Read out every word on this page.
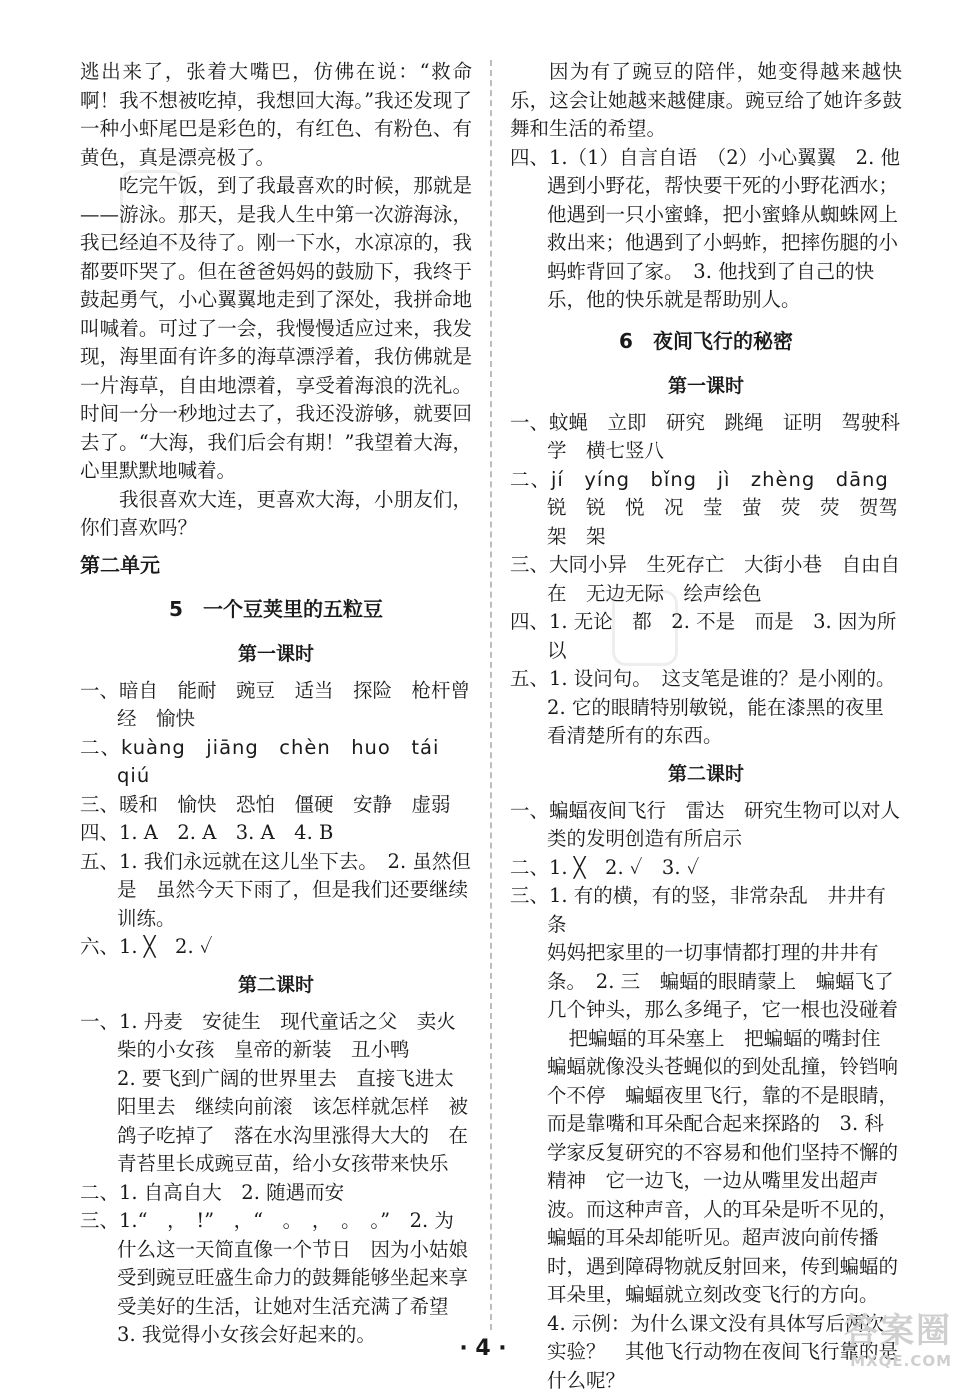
逃出来了，张着大嘴巴，仿佛在说：“救命啊！我不想被吃掉，我想回大海。”我还发现了一种小虾尾巴是彩色的，有红色、有粉色、有黄色，真是漂亮极了。

吃完午饭，到了我最喜欢的时候，那就是——游泳。那天，是我人生中第一次游海泳，我已经迫不及待了。刚一下水，水凉凉的，我都要吓哭了。但在爸爸妈妈的鼓励下，我终于鼓起勇气，小心翼翼地走到了深处，我拼命地叫喊着。可过了一会，我慢慢适应过来，我发现，海里面有许多的海草漂浮着，我仿佛就是一片海草，自由地漂着，享受着海浪的洗礼。时间一分一秒地过去了，我还没游够，就要回去了。“大海，我们后会有期！”我望着大海，心里默默地喊着。

我很喜欢大连，更喜欢大海，小朋友们，你们喜欢吗？

第二单元
5　一个豆荚里的五粒豆
第一课时

一、暗自　能耐　豌豆　适当　探险　枪杆曾经　愉快

二、kuàng　jiāng　chèn　huo　tái　qiú

三、暖和　愉快　恐怕　僵硬　安静　虚弱

四、1. A　2. A　3. A　4. B

五、1. 我们永远就在这儿坐下去。　2. 虽然但是　虽然今天下雨了，但是我们还要继续训练。

六、1. ╳　2. ✓

第二课时

一、1. 丹麦　安徒生　现代童话之父　卖火柴的小女孩　皇帝的新装　丑小鸭

2. 要飞到广阔的世界里去　直接飞进太阳里去　继续向前滚　该怎样就怎样　被鸽子吃掉了　落在水沟里涨得大大的　在青苔里长成豌豆苗，给小女孩带来快乐

二、1. 自高自大　2. 随遇而安

三、1.“　，　!”　，“　。　，　。　。”　2. 为什么这一天简直像一个节日　因为小姑娘受到豌豆旺盛生命力的鼓舞能够坐起来享受美好的生活，让她对生活充满了希望　3. 我觉得小女孩会好起来的。

因为有了豌豆的陪伴，她变得越来越快乐，这会让她越来越健康。豌豆给了她许多鼓舞和生活的希望。

四、1.（1）自言自语　（2）小心翼翼　2. 他遇到小野花，帮快要干死的小野花洒水；他遇到一只小蜜蜂，把小蜜蜂从蜘蛛网上救出来；他遇到了小蚂蚱，把摔伤腿的小蚂蚱背回了家。　3. 他找到了自己的快乐，他的快乐就是帮助别人。

6　夜间飞行的秘密
第一课时

一、蚊蝇　立即　研究　跳绳　证明　驾驶科学　横七竖八

二、jí　yíng　bǐng　jì　zhèng　dāng

锐　锐　悦　况　莹　萤　荧　荧　贺驾　架　架

三、大同小异　生死存亡　大街小巷　自由自在　无边无际　绘声绘色

四、1. 无论　都　2. 不是　而是　3. 因为所以

五、1. 设问句。　这支笔是谁的？是小刚的。

2. 它的眼睛特别敏锐，能在漆黑的夜里看清楚所有的东西。

第二课时

一、蝙蝠夜间飞行　雷达　研究生物可以对人类的发明创造有所启示

二、1. ╳　2. ✓　3. ✓

三、1. 有的横，有的竖，非常杂乱　井井有条

妈妈把家里的一切事情都打理的井井有条。　2. 三　蝙蝠的眼睛蒙上　蝙蝠飞了几个钟头，那么多绳子，它一根也没碰着

把蝙蝠的耳朵塞上　把蝙蝠的嘴封住

蝙蝠就像没头苍蝇似的到处乱撞，铃铛响个不停　蝙蝠夜里飞行，靠的不是眼睛，而是靠嘴和耳朵配合起来探路的　3. 科学家反复研究的不容易和他们坚持不懈的精神　它一边飞，一边从嘴里发出超声波。而这种声音，人的耳朵是听不见的，蝙蝠的耳朵却能听见。超声波向前传播时，遇到障碍物就反射回来，传到蝙蝠的耳朵里，蝙蝠就立刻改变飞行的方向。　4. 示例：为什么课文没有具体写后两次实验？　其他飞行动物在夜间飞行靠的是什么呢？

· 4 ·	答案圈
MXQE.COM
